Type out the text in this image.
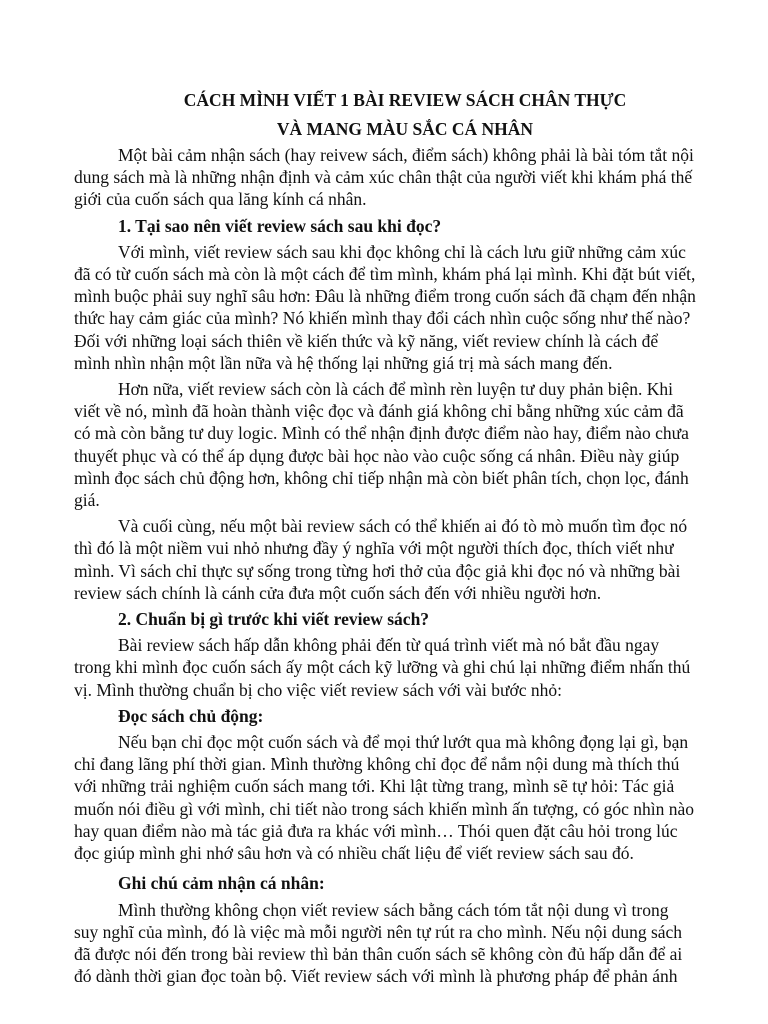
CÁCH MÌNH VIẾT 1 BÀI REVIEW SÁCH CHÂN THỰC
VÀ MANG MÀU SẮC CÁ NHÂN

Một bài cảm nhận sách (hay reivew sách, điểm sách) không phải là bài tóm tắt nội dung sách mà là những nhận định và cảm xúc chân thật của người viết khi khám phá thế giới của cuốn sách qua lăng kính cá nhân.

1. Tại sao nên viết review sách sau khi đọc?

Với mình, viết review sách sau khi đọc không chỉ là cách lưu giữ những cảm xúc đã có từ cuốn sách mà còn là một cách để tìm mình, khám phá lại mình. Khi đặt bút viết, mình buộc phải suy nghĩ sâu hơn: Đâu là những điểm trong cuốn sách đã chạm đến nhận thức hay cảm giác của mình? Nó khiến mình thay đổi cách nhìn cuộc sống như thế nào? Đối với những loại sách thiên về kiến thức và kỹ năng, viết review chính là cách để mình nhìn nhận một lần nữa và hệ thống lại những giá trị mà sách mang đến.

Hơn nữa, viết review sách còn là cách để mình rèn luyện tư duy phản biện. Khi viết về nó, mình đã hoàn thành việc đọc và đánh giá không chỉ bằng những xúc cảm đã có mà còn bằng tư duy logic. Mình có thể nhận định được điểm nào hay, điểm nào chưa thuyết phục và có thể áp dụng được bài học nào vào cuộc sống cá nhân. Điều này giúp mình đọc sách chủ động hơn, không chỉ tiếp nhận mà còn biết phân tích, chọn lọc, đánh giá.

Và cuối cùng, nếu một bài review sách có thể khiến ai đó tò mò muốn tìm đọc nó thì đó là một niềm vui nhỏ nhưng đầy ý nghĩa với một người thích đọc, thích viết như mình. Vì sách chỉ thực sự sống trong từng hơi thở của độc giả khi đọc nó và những bài review sách chính là cánh cửa đưa một cuốn sách đến với nhiều người hơn.

2. Chuẩn bị gì trước khi viết review sách?

Bài review sách hấp dẫn không phải đến từ quá trình viết mà nó bắt đầu ngay trong khi mình đọc cuốn sách ấy một cách kỹ lưỡng và ghi chú lại những điểm nhấn thú vị. Mình thường chuẩn bị cho việc viết review sách với vài bước nhỏ:

Đọc sách chủ động:

Nếu bạn chỉ đọc một cuốn sách và để mọi thứ lướt qua mà không đọng lại gì, bạn chỉ đang lãng phí thời gian. Mình thường không chỉ đọc để nắm nội dung mà thích thú với những trải nghiệm cuốn sách mang tới. Khi lật từng trang, mình sẽ tự hỏi: Tác giả muốn nói điều gì với mình, chi tiết nào trong sách khiến mình ấn tượng, có góc nhìn nào hay quan điểm nào mà tác giả đưa ra khác với mình… Thói quen đặt câu hỏi trong lúc đọc giúp mình ghi nhớ sâu hơn và có nhiều chất liệu để viết review sách sau đó.

Ghi chú cảm nhận cá nhân:

Mình thường không chọn viết review sách bằng cách tóm tắt nội dung vì trong suy nghĩ của mình, đó là việc mà mỗi người nên tự rút ra cho mình. Nếu nội dung sách đã được nói đến trong bài review thì bản thân cuốn sách sẽ không còn đủ hấp dẫn để ai đó dành thời gian đọc toàn bộ. Viết review sách với mình là phương pháp để phản ánh
